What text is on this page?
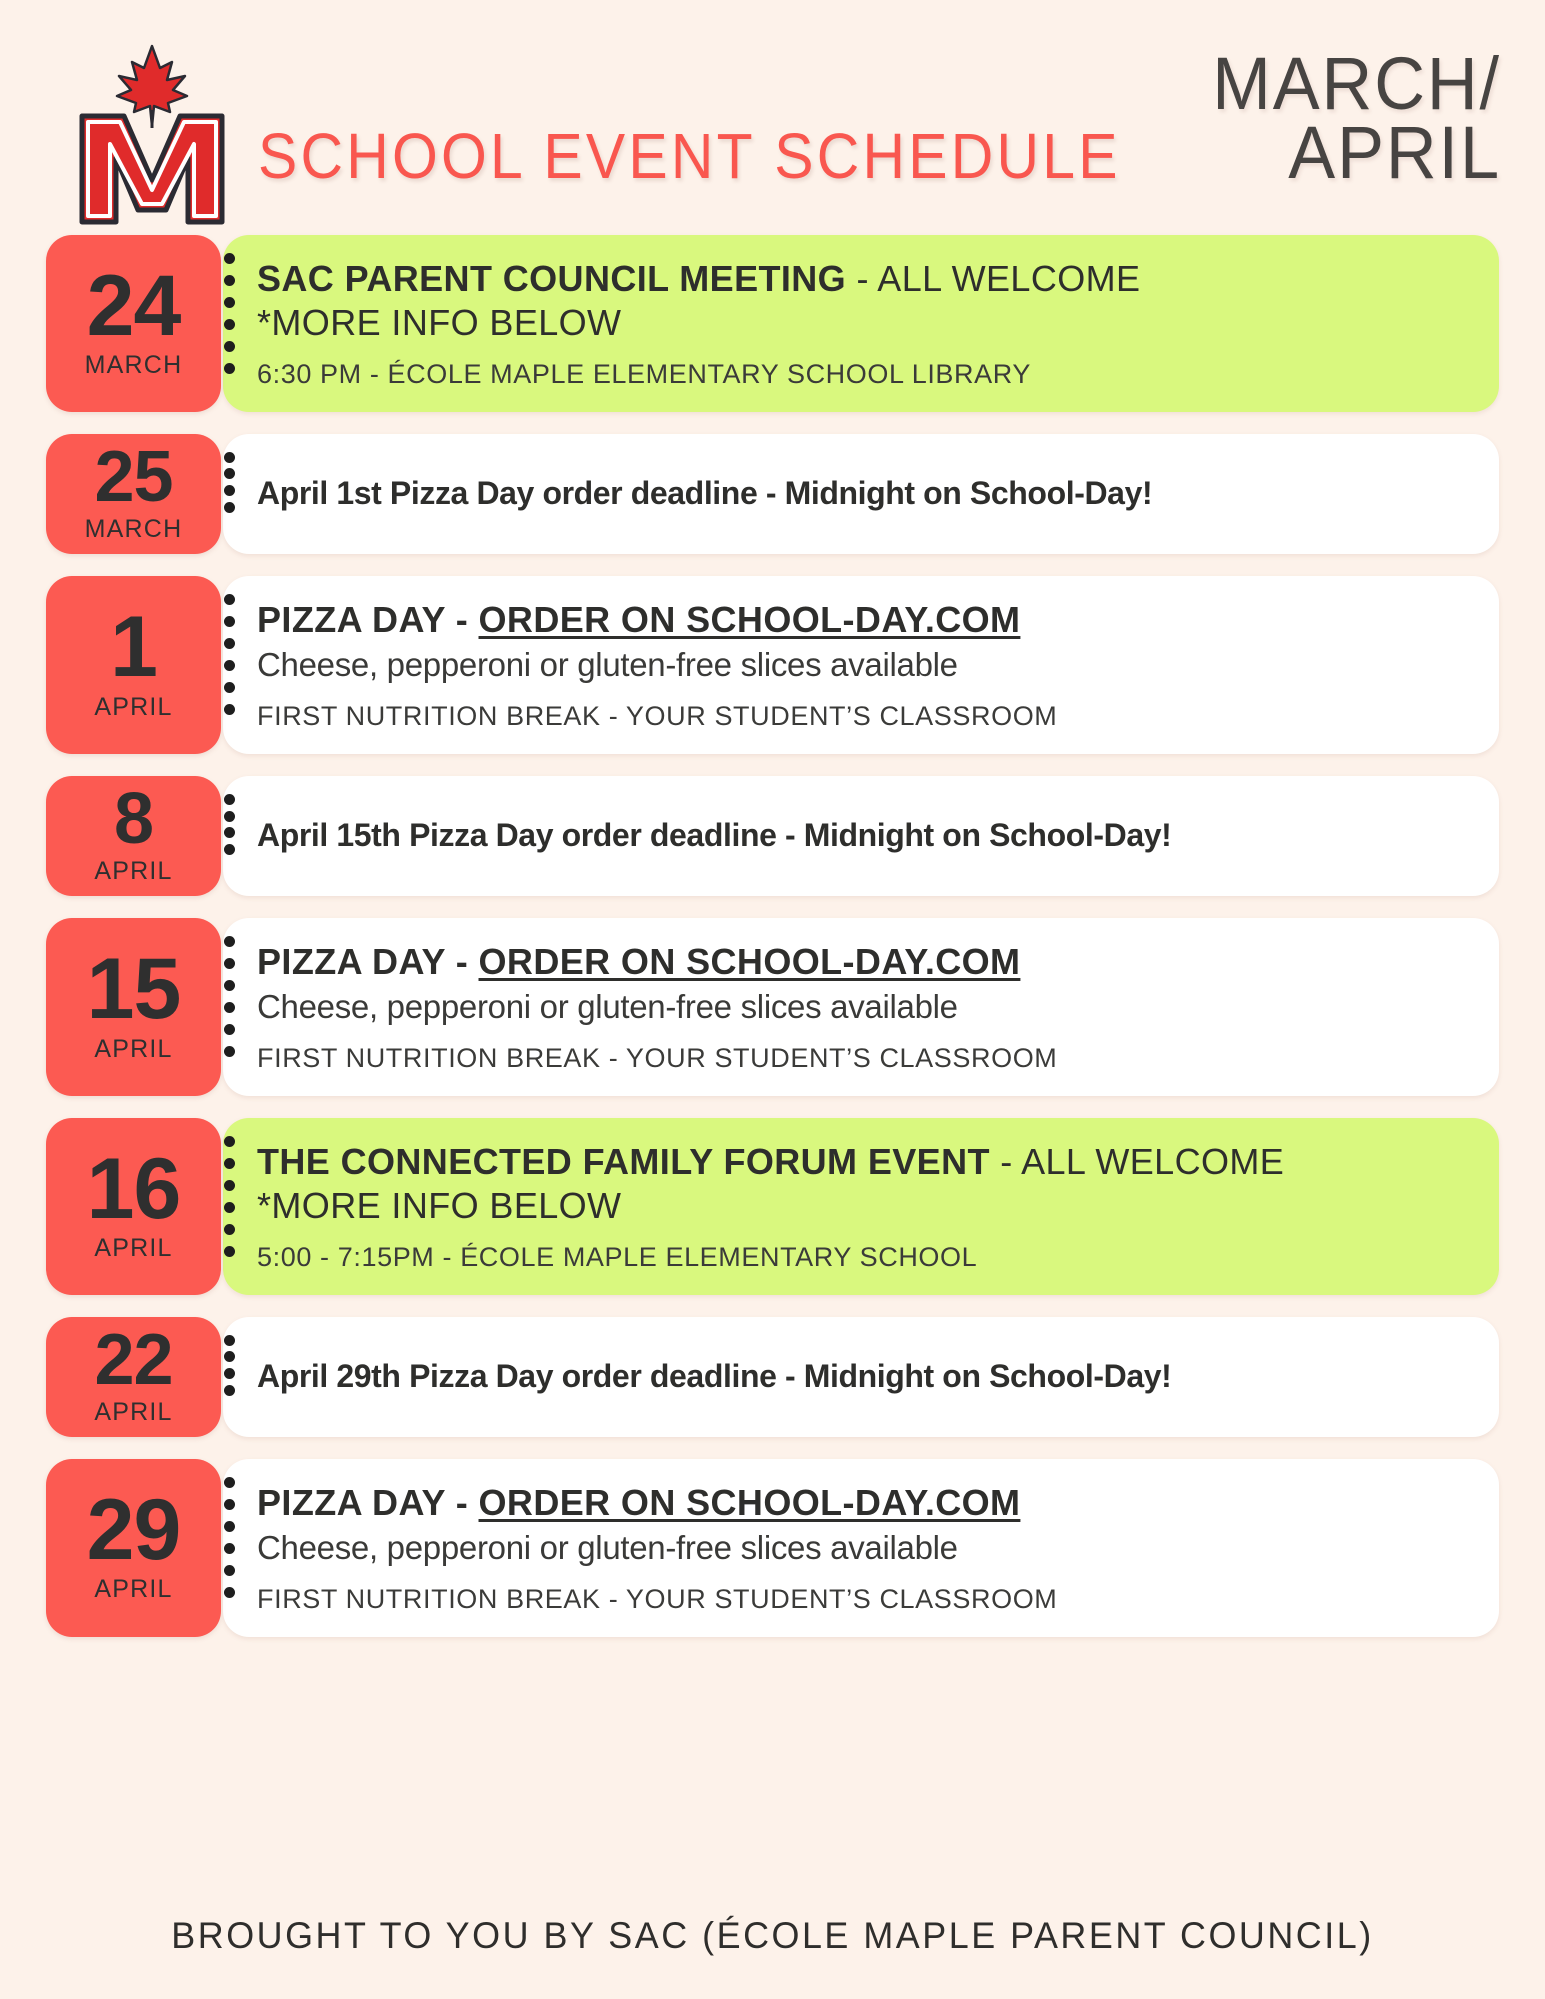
SCHOOL EVENT SCHEDULE
MARCH/
APRIL
24
MARCH
SAC PARENT COUNCIL MEETING - ALL WELCOME
*MORE INFO BELOW
6:30 PM - ÉCOLE MAPLE ELEMENTARY SCHOOL LIBRARY
25
MARCH
April 1st Pizza Day order deadline - Midnight on School-Day!
1
APRIL
PIZZA DAY - ORDER ON SCHOOL-DAY.COM
Cheese, pepperoni or gluten-free slices available
FIRST NUTRITION BREAK - YOUR STUDENT’S CLASSROOM
8
APRIL
April 15th Pizza Day order deadline - Midnight on School-Day!
15
APRIL
PIZZA DAY - ORDER ON SCHOOL-DAY.COM
Cheese, pepperoni or gluten-free slices available
FIRST NUTRITION BREAK - YOUR STUDENT’S CLASSROOM
16
APRIL
THE CONNECTED FAMILY FORUM EVENT - ALL WELCOME
*MORE INFO BELOW
5:00 - 7:15PM - ÉCOLE MAPLE ELEMENTARY SCHOOL
22
APRIL
April 29th Pizza Day order deadline - Midnight on School-Day!
29
APRIL
PIZZA DAY - ORDER ON SCHOOL-DAY.COM
Cheese, pepperoni or gluten-free slices available
FIRST NUTRITION BREAK - YOUR STUDENT’S CLASSROOM
BROUGHT TO YOU BY SAC (ÉCOLE MAPLE PARENT COUNCIL)
